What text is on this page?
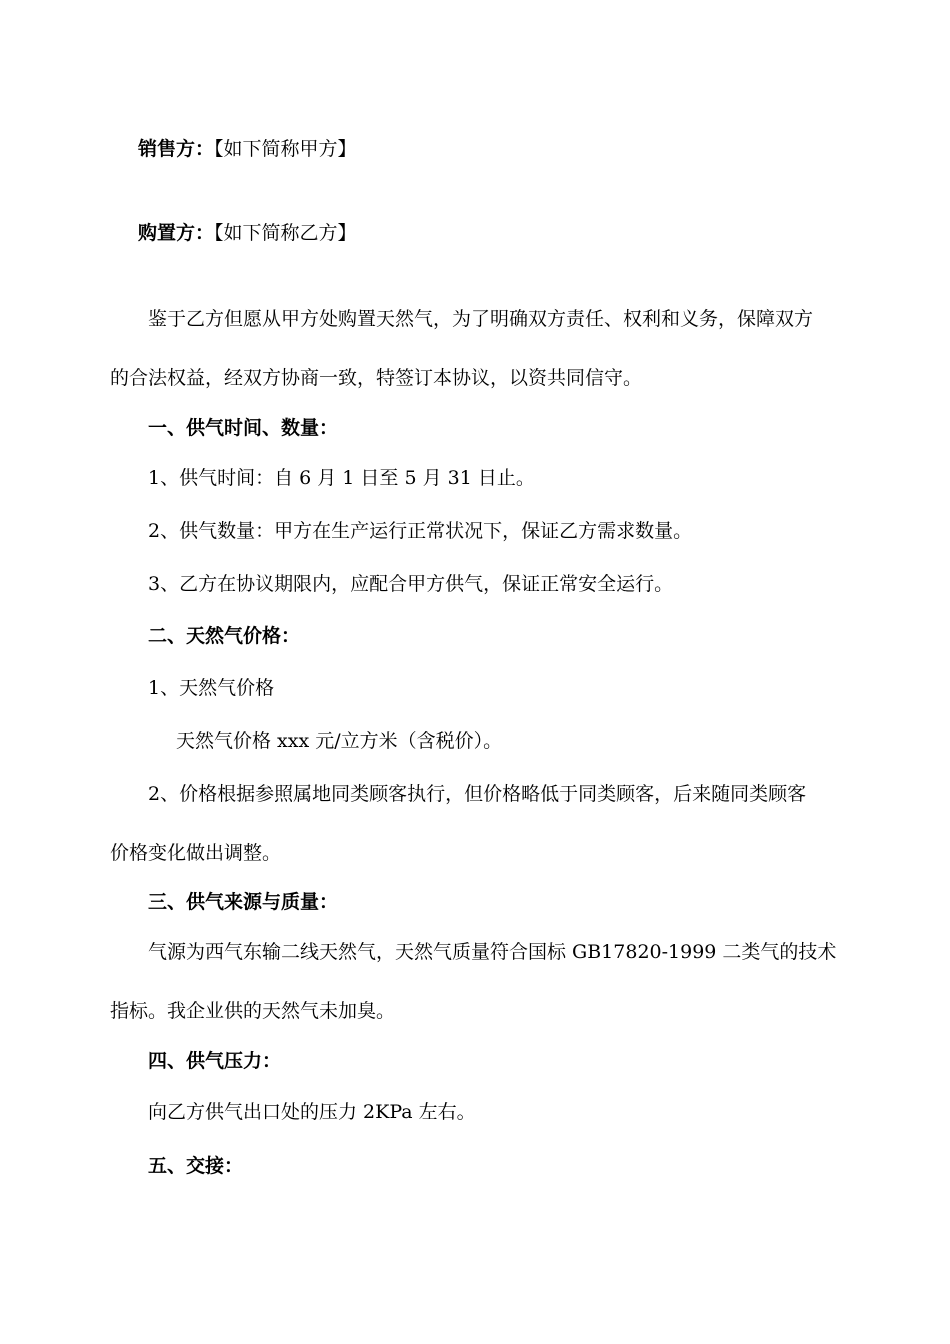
销售方：【如下简称甲方】
购置方：【如下简称乙方】
鉴于乙方但愿从甲方处购置天然气，为了明确双方责任、权利和义务，保障双方
的合法权益，经双方协商一致，特签订本协议，以资共同信守。
一、供气时间、数量：
1、供气时间：自 6 月 1 日至 5 月 31 日止。
2、供气数量：甲方在生产运行正常状况下，保证乙方需求数量。
3、乙方在协议期限内，应配合甲方供气，保证正常安全运行。
二、天然气价格：
1、天然气价格
天然气价格 xxx 元/立方米（含税价）。
2、价格根据参照属地同类顾客执行，但价格略低于同类顾客，后来随同类顾客
价格变化做出调整。
三、供气来源与质量：
气源为西气东输二线天然气，天然气质量符合国标 GB17820-1999 二类气的技术
指标。我企业供的天然气未加臭。
四、供气压力：
向乙方供气出口处的压力 2KPa 左右。
五、交接：
